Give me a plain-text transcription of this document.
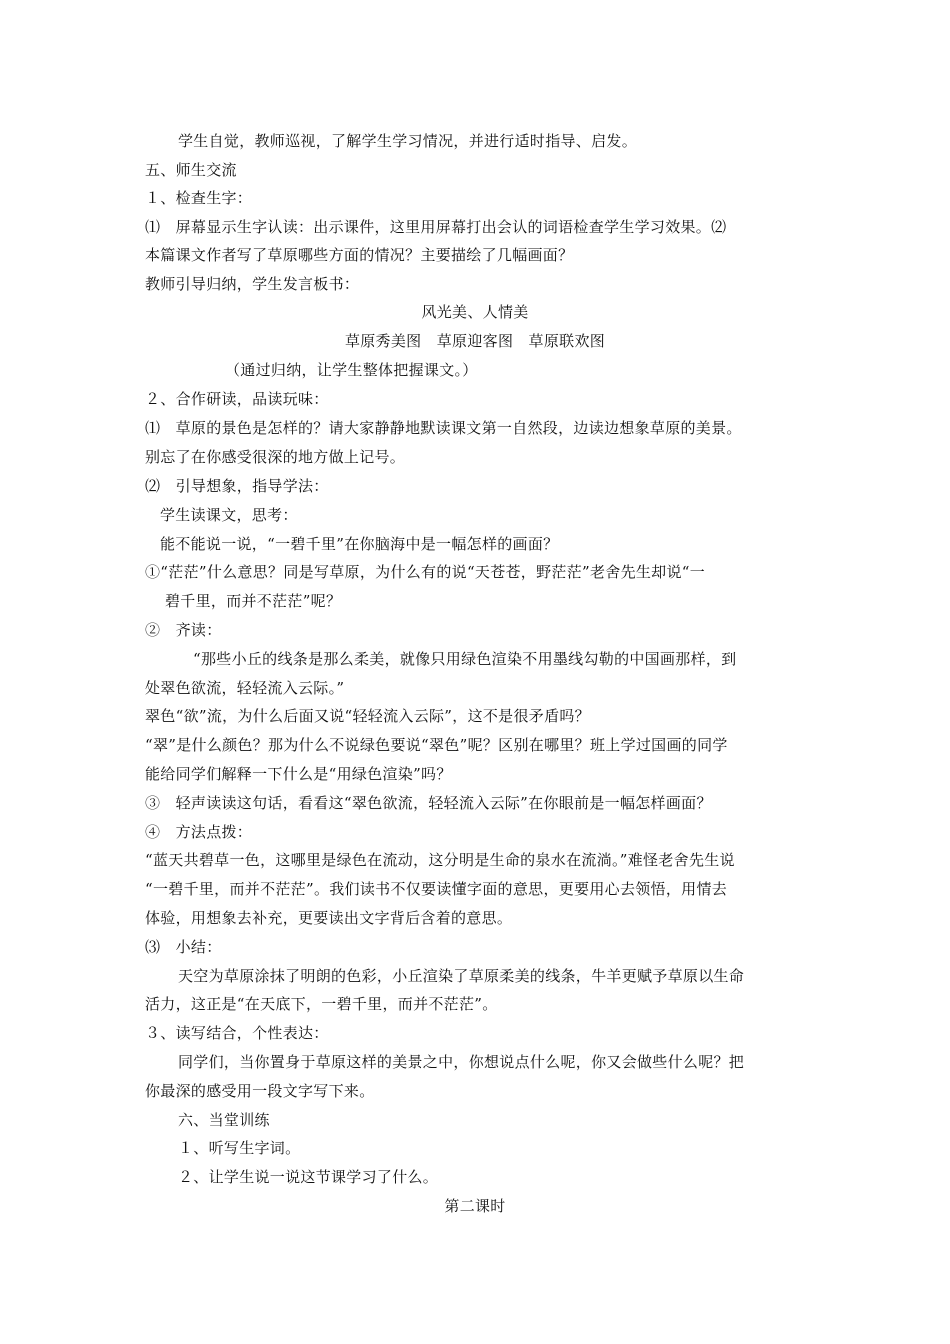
学生自觉，教师巡视，了解学生学习情况，并进行适时指导、启发。
五、师生交流
１、检查生字：
⑴　屏幕显示生字认读：出示课件，这里用屏幕打出会认的词语检查学生学习效果。⑵
本篇课文作者写了草原哪些方面的情况？主要描绘了几幅画面？
教师引导归纳，学生发言板书：
风光美、人情美
草原秀美图　草原迎客图　草原联欢图
（通过归纳，让学生整体把握课文。）
２、合作研读，品读玩味：
⑴　草原的景色是怎样的？请大家静静地默读课文第一自然段，边读边想象草原的美景。
别忘了在你感受很深的地方做上记号。
⑵　引导想象，指导学法：
学生读课文，思考：
能不能说一说，“一碧千里”在你脑海中是一幅怎样的画面？
①“茫茫”什么意思？同是写草原，为什么有的说“天苍苍，野茫茫”老舍先生却说“一
碧千里，而并不茫茫”呢？
②　齐读：
“那些小丘的线条是那么柔美，就像只用绿色渲染不用墨线勾勒的中国画那样，到
处翠色欲流，轻轻流入云际。”
翠色“欲”流，为什么后面又说“轻轻流入云际”，这不是很矛盾吗？
“翠”是什么颜色？那为什么不说绿色要说“翠色”呢？区别在哪里？班上学过国画的同学
能给同学们解释一下什么是“用绿色渲染”吗？
③　轻声读读这句话，看看这“翠色欲流，轻轻流入云际”在你眼前是一幅怎样画面？
④　方法点拨：
“蓝天共碧草一色，这哪里是绿色在流动，这分明是生命的泉水在流淌。”难怪老舍先生说
“一碧千里，而并不茫茫”。我们读书不仅要读懂字面的意思，更要用心去领悟，用情去
体验，用想象去补充，更要读出文字背后含着的意思。
⑶　小结：
天空为草原涂抹了明朗的色彩，小丘渲染了草原柔美的线条，牛羊更赋予草原以生命
活力，这正是“在天底下，一碧千里，而并不茫茫”。
３、读写结合，个性表达：
同学们，当你置身于草原这样的美景之中，你想说点什么呢，你又会做些什么呢？把
你最深的感受用一段文字写下来。
六、当堂训练
１、听写生字词。
２、让学生说一说这节课学习了什么。
第二课时
